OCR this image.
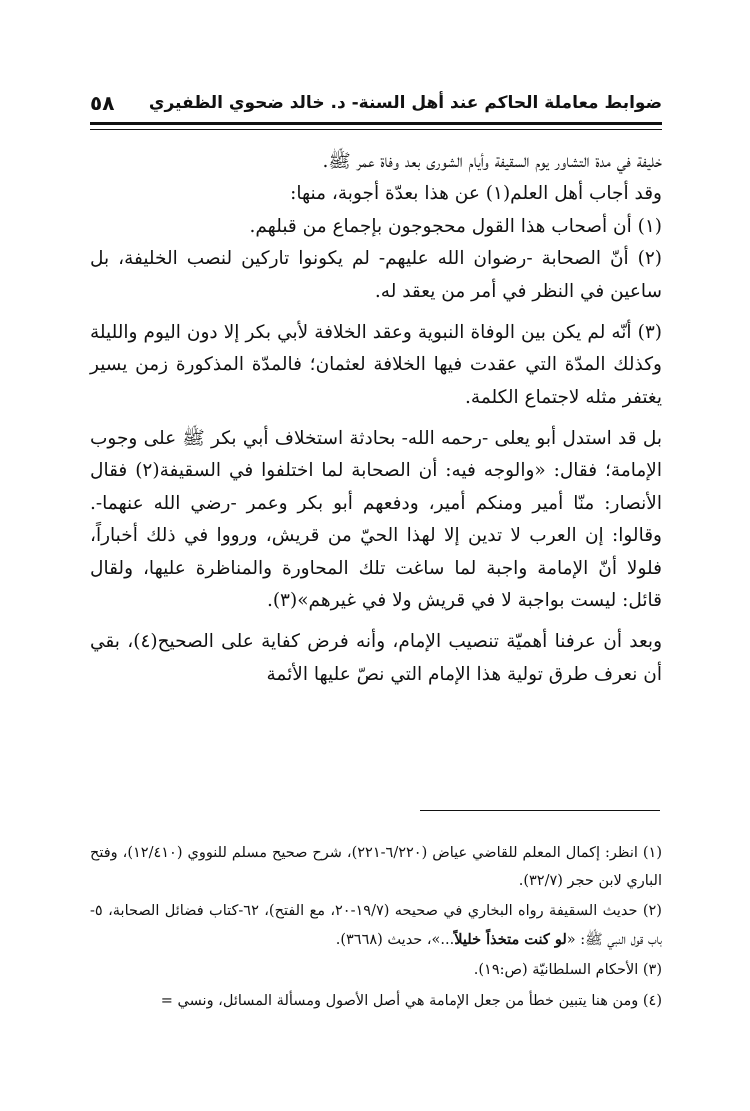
٥٨ ضوابط معاملة الحاكم عند أهل السنة- د. خالد ضحوي الظفيري

خليفة في مدة التشاور يوم السقيفة وأيام الشورى بعد وفاة عمر ﷺ.

وقد أجاب أهل العلم(١) عن هذا بعدّة أجوبة، منها:

(١) أن أصحاب هذا القول محجوجون بإجماع من قبلهم.

(٢) أنّ الصحابة -رضوان الله عليهم- لم يكونوا تاركين لنصب الخليفة، بل ساعين في النظر في أمر من يعقد له.

(٣) أنّه لم يكن بين الوفاة النبوية وعقد الخلافة لأبي بكر إلا دون اليوم والليلة وكذلك المدّة التي عقدت فيها الخلافة لعثمان؛ فالمدّة المذكورة زمن يسير يغتفر مثله لاجتماع الكلمة.

بل قد استدل أبو يعلى -رحمه الله- بحادثة استخلاف أبي بكر ﷺ على وجوب الإمامة؛ فقال: «والوجه فيه: أن الصحابة لما اختلفوا في السقيفة(٢) فقال الأنصار: منّا أمير ومنكم أمير، ودفعهم أبو بكر وعمر -رضي الله عنهما-. وقالوا: إن العرب لا تدين إلا لهذا الحيّ من قريش، ورووا في ذلك أخباراً، فلولا أنّ الإمامة واجبة لما ساغت تلك المحاورة والمناظرة عليها، ولقال قائل: ليست بواجبة لا في قريش ولا في غيرهم»(٣).

وبعد أن عرفنا أهميّة تنصيب الإمام، وأنه فرض كفاية على الصحيح(٤)، بقي أن نعرف طرق تولية هذا الإمام التي نصّ عليها الأئمة

(١) انظر: إكمال المعلم للقاضي عياض (٦/٢٢٠-٢٢١)، شرح صحيح مسلم للنووي (١٢/٤١٠)، وفتح الباري لابن حجر (٣٢/٧).

(٢) حديث السقيفة رواه البخاري في صحيحه (١٩/٧-٢٠، مع الفتح)، ٦٢-كتاب فضائل الصحابة، ٥-باب قول النبي ﷺ: «لو كنت متخذاً خليلاً...»، حديث (٣٦٦٨).

(٣) الأحكام السلطانيّة (ص:١٩).

(٤) ومن هنا يتبين خطأ من جعل الإمامة هي أصل الأصول ومسألة المسائل، ونسي =
